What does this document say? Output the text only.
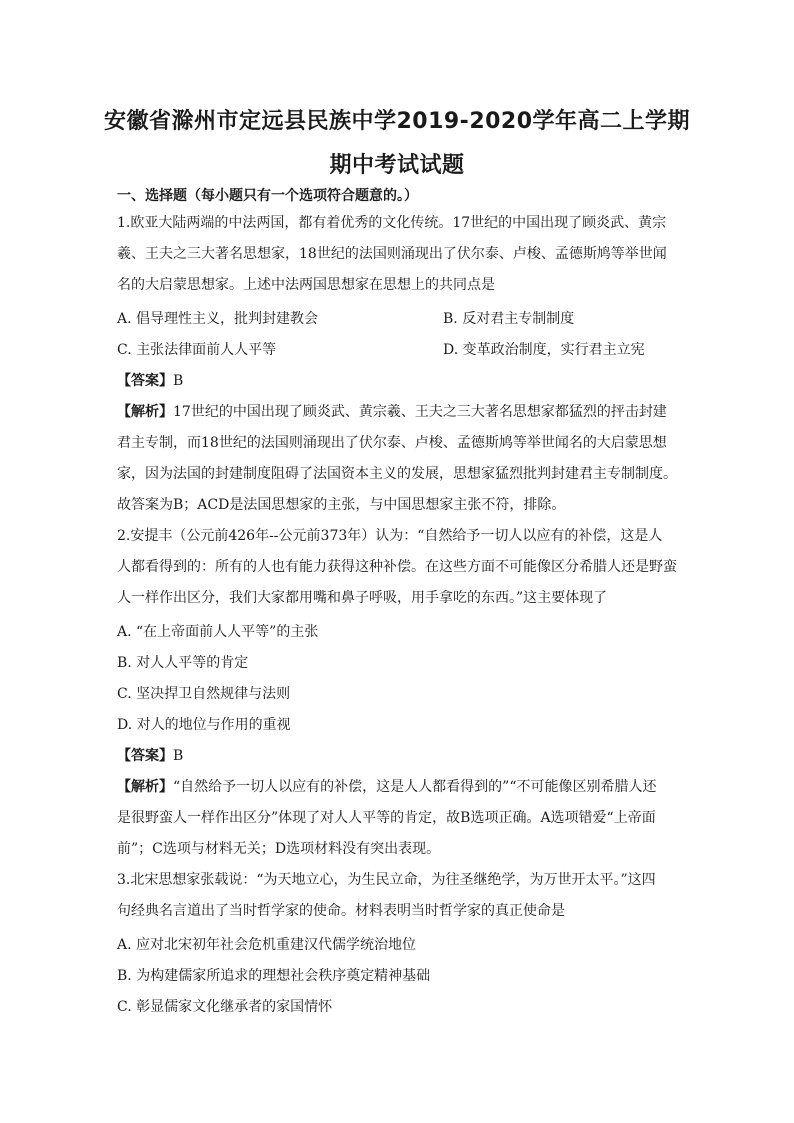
安徽省滁州市定远县民族中学2019-2020学年高二上学期
期中考试试题
一、选择题（每小题只有一个选项符合题意的。）
1.欧亚大陆两端的中法两国，都有着优秀的文化传统。17世纪的中国出现了顾炎武、黄宗
羲、王夫之三大著名思想家，18世纪的法国则涌现出了伏尔泰、卢梭、孟德斯鸠等举世闻
名的大启蒙思想家。上述中法两国思想家在思想上的共同点是
A. 倡导理性主义，批判封建教会	B. 反对君主专制制度
C. 主张法律面前人人平等	D. 变革政治制度，实行君主立宪
【答案】B
【解析】17世纪的中国出现了顾炎武、黄宗羲、王夫之三大著名思想家都猛烈的抨击封建
君主专制，而18世纪的法国则涌现出了伏尔泰、卢梭、孟德斯鸠等举世闻名的大启蒙思想
家，因为法国的封建制度阻碍了法国资本主义的发展，思想家猛烈批判封建君主专制制度。
故答案为B；ACD是法国思想家的主张，与中国思想家主张不符，排除。
2.安提丰（公元前426年--公元前373年）认为：“自然给予一切人以应有的补偿，这是人
人都看得到的：所有的人也有能力获得这种补偿。在这些方面不可能像区分希腊人还是野蛮
人一样作出区分，我们大家都用嘴和鼻子呼吸，用手拿吃的东西。”这主要体现了
A. “在上帝面前人人平等”的主张
B. 对人人平等的肯定
C. 坚决捍卫自然规律与法则
D. 对人的地位与作用的重视
【答案】B
【解析】“自然给予一切人以应有的补偿，这是人人都看得到的”“不可能像区别希腊人还
是很野蛮人一样作出区分”体现了对人人平等的肯定，故B选项正确。A选项错爱“上帝面
前”；C选项与材料无关；D选项材料没有突出表现。
3.北宋思想家张载说：“为天地立心，为生民立命，为往圣继绝学，为万世开太平。”这四
句经典名言道出了当时哲学家的使命。材料表明当时哲学家的真正使命是
A. 应对北宋初年社会危机重建汉代儒学统治地位
B. 为构建儒家所追求的理想社会秩序奠定精神基础
C. 彰显儒家文化继承者的家国情怀
